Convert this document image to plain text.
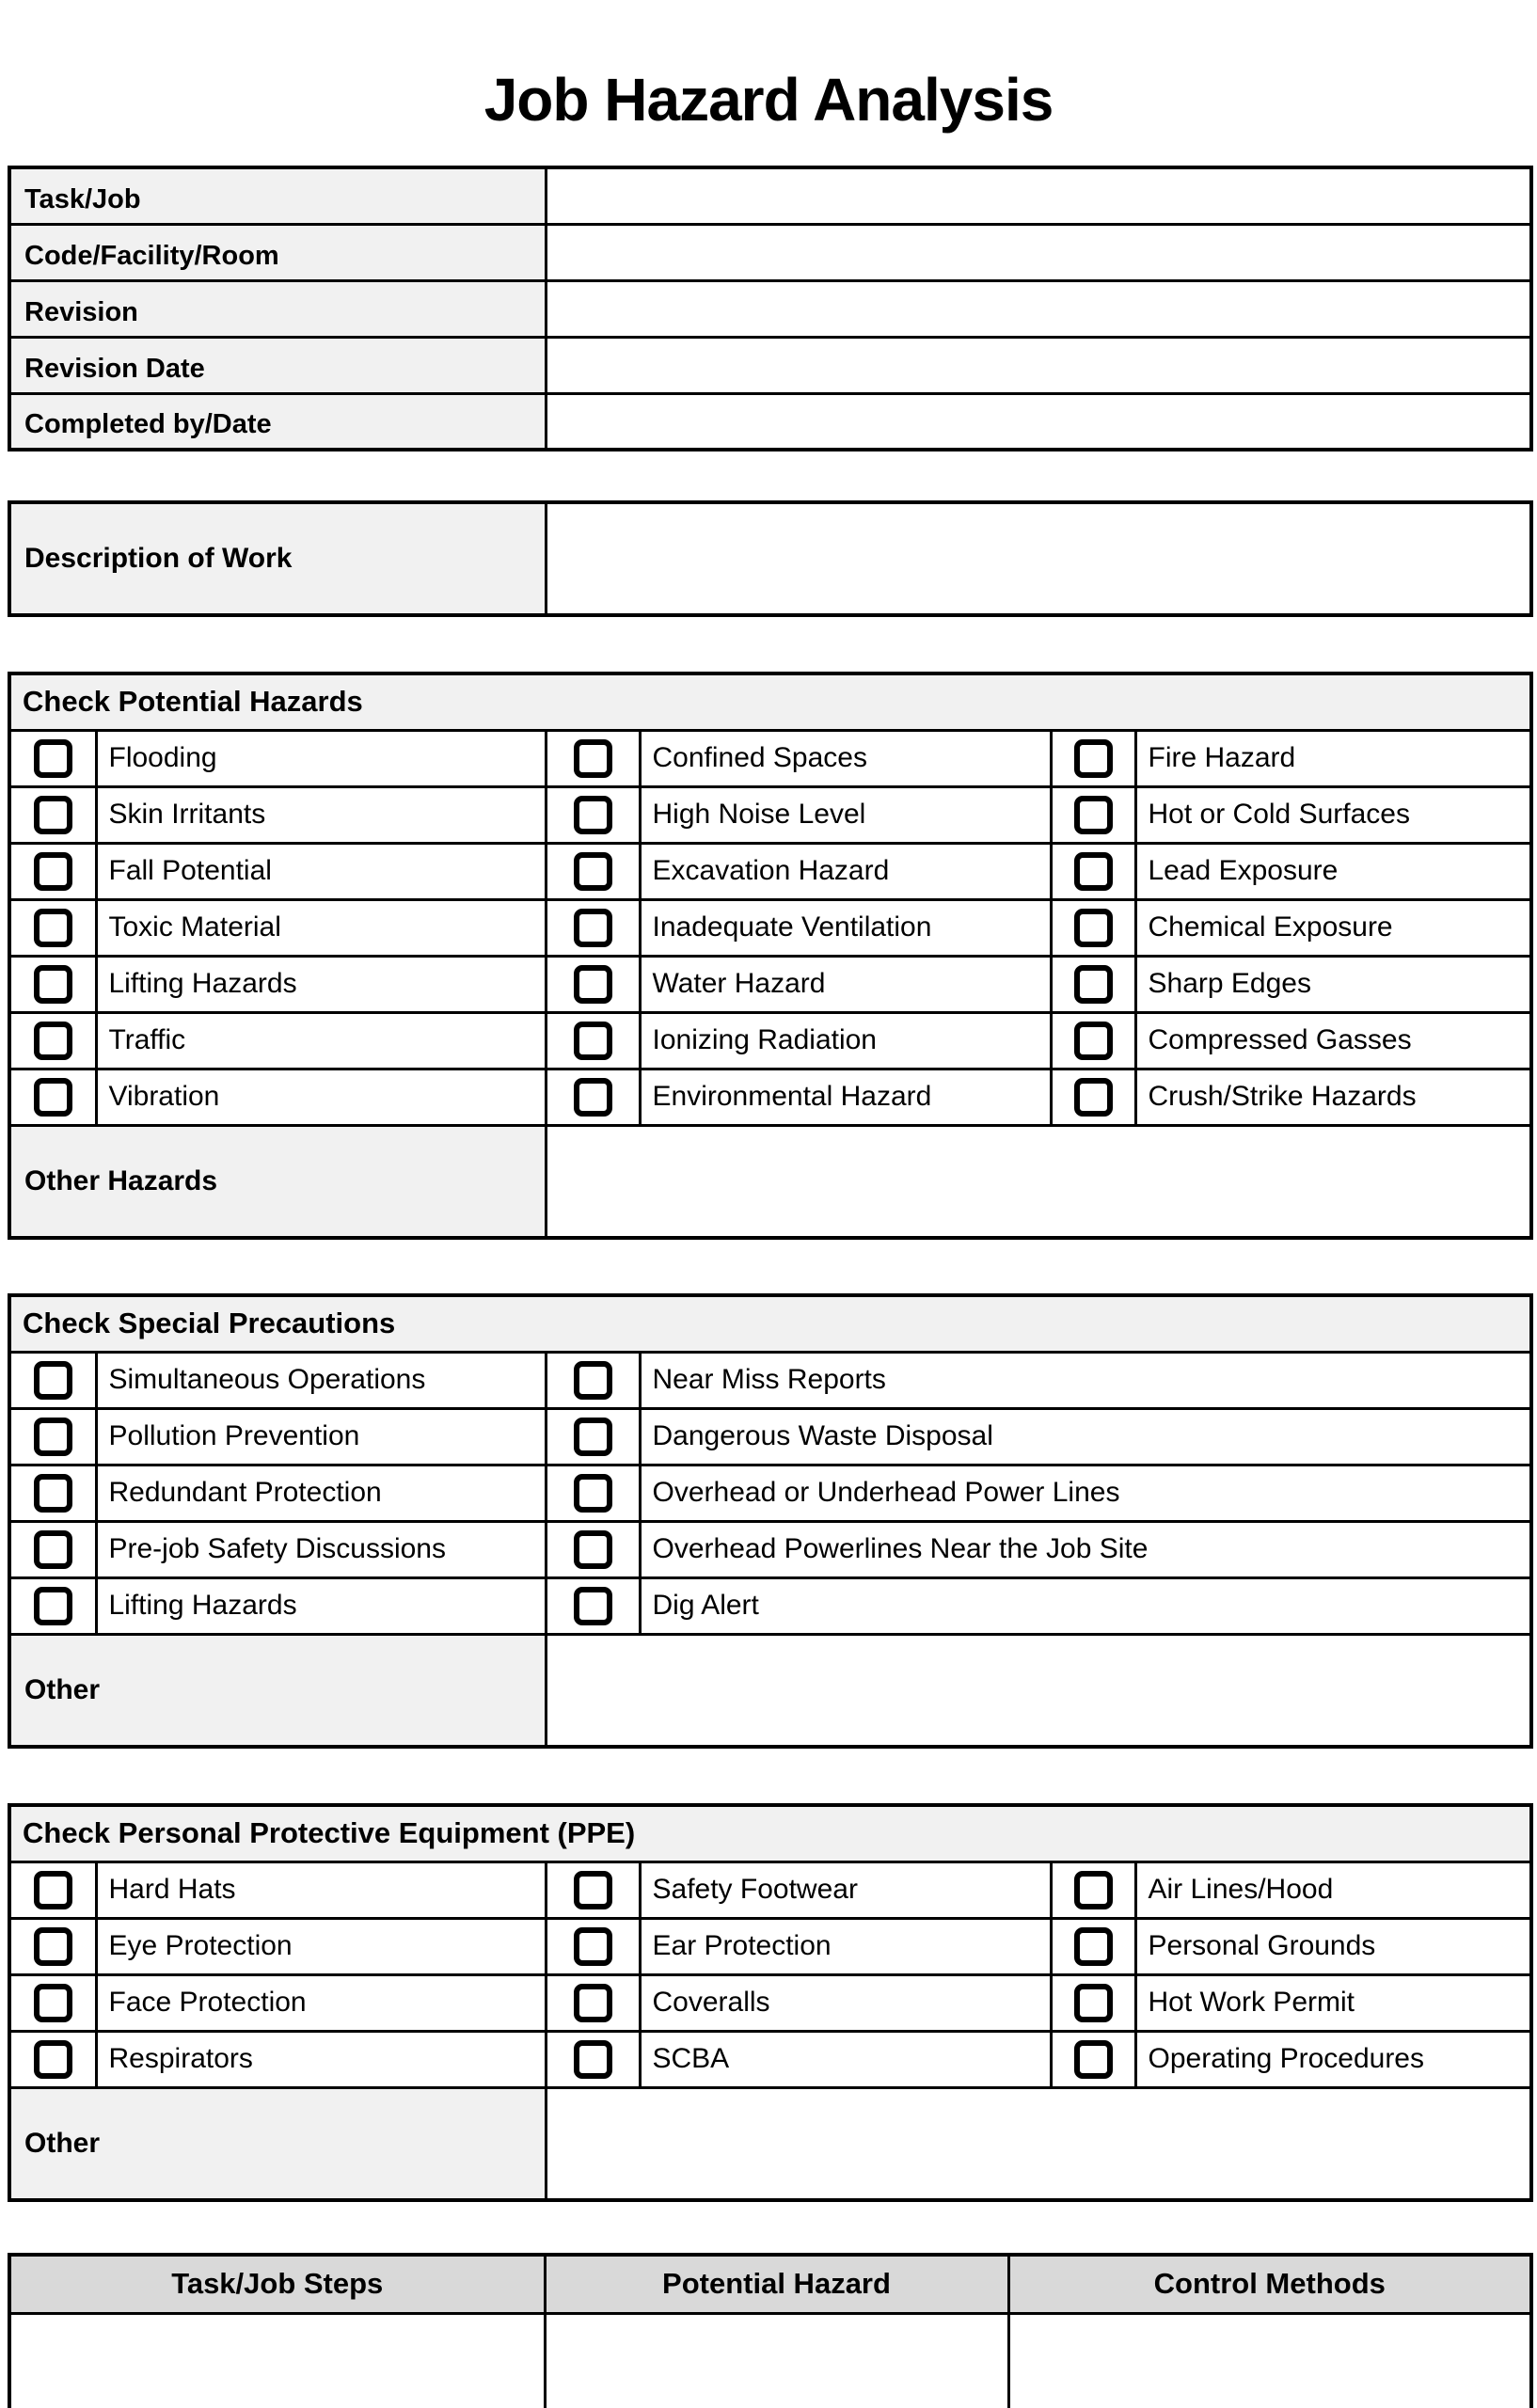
Job Hazard Analysis
Task/Job	
Code/Facility/Room	
Revision	
Revision Date	
Completed by/Date	
Description of Work	
Check Potential Hazards					
	Flooding		Confined Spaces		Fire Hazard
	Skin Irritants		High Noise Level		Hot or Cold Surfaces
	Fall Potential		Excavation Hazard		Lead Exposure
	Toxic Material		Inadequate Ventilation		Chemical Exposure
	Lifting Hazards		Water Hazard		Sharp Edges
	Traffic		Ionizing Radiation		Compressed Gasses
	Vibration		Environmental Hazard		Crush/Strike Hazards
Other Hazards					
Check Special Precautions			
	Simultaneous Operations		Near Miss Reports
	Pollution Prevention		Dangerous Waste Disposal
	Redundant Protection		Overhead or Underhead Power Lines
	Pre-job Safety Discussions		Overhead Powerlines Near the Job Site
	Lifting Hazards		Dig Alert
Other			
Check Personal Protective Equipment (PPE)					
	Hard Hats		Safety Footwear		Air Lines/Hood
	Eye Protection		Ear Protection		Personal Grounds
	Face Protection		Coveralls		Hot Work Permit
	Respirators		SCBA		Operating Procedures
Other					
Task/Job Steps	Potential Hazard	Control Methods
